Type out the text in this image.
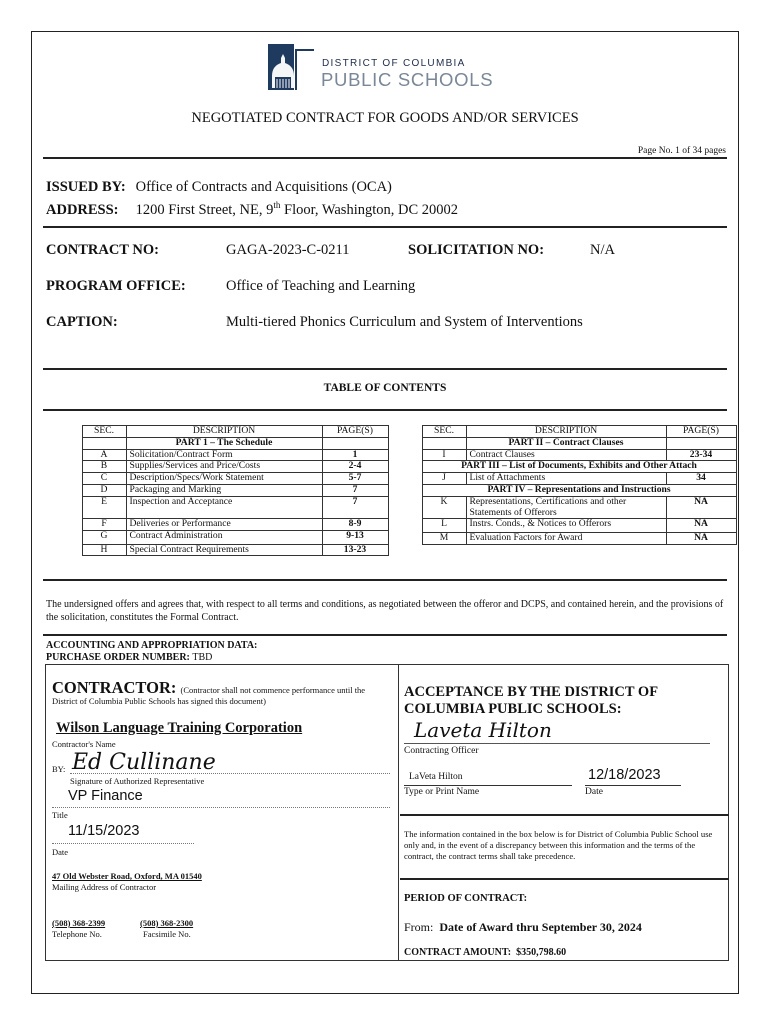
DISTRICT OF COLUMBIA
PUBLIC SCHOOLS
NEGOTIATED CONTRACT FOR GOODS AND/OR SERVICES
Page No. 1 of 34 pages
ISSUED BY: Office of Contracts and Acquisitions (OCA)
ADDRESS: 1200 First Street, NE, 9th Floor, Washington, DC 20002
CONTRACT NO:	GAGA-2023-C-0211	SOLICITATION NO:	N/A
PROGRAM OFFICE:	Office of Teaching and Learning
CAPTION:	Multi-tiered Phonics Curriculum and System of Interventions
TABLE OF CONTENTS
	SEC.	DESCRIPTION	PAGE(S)
		PART 1 – The Schedule	
	A	Solicitation/Contract Form	1
	B	Supplies/Services and Price/Costs	2-4
	C	Description/Specs/Work Statement	5-7
	D	Packaging and Marking	7
	E	Inspection and Acceptance	7
	F	Deliveries or Performance	8-9
	G	Contract Administration	9-13
	H	Special Contract Requirements	13-23
	SEC.	DESCRIPTION	PAGE(S)
		PART II – Contract Clauses	
	I	Contract Clauses	23-34
	PART III – List of Documents, Exhibits and Other Attach		
	J	List of Attachments	34
	PART IV – Representations and Instructions		
	K	Representations, Certifications and other
Statements of Offerors	NA
	L	Instrs. Conds., & Notices to Offerors	NA
	M	Evaluation Factors for Award	NA
The undersigned offers and agrees that, with respect to all terms and conditions, as negotiated between the offeror and DCPS, and contained herein, and the provisions of the solicitation, constitutes the Formal Contract.
ACCOUNTING AND APPROPRIATION DATA:
PURCHASE ORDER NUMBER: TBD
CONTRACTOR: (Contractor shall not commence performance until the
District of Columbia Public Schools has signed this document)
Wilson Language Training Corporation
Contractor's Name
BY: Ed Cullinane
Signature of Authorized Representative
VP Finance
Title
11/15/2023
Date
47 Old Webster Road, Oxford, MA 01540
Mailing Address of Contractor
(508) 368-2399
Telephone No.
(508) 368-2300
Facsimile No.
ACCEPTANCE BY THE DISTRICT OF
COLUMBIA PUBLIC SCHOOLS:
Laveta Hilton
Contracting Officer
LaVeta Hilton
Type or Print Name
12/18/2023
Date
The information contained in the box below is for District of Columbia Public School use only and, in the event of a discrepancy between this information and the terms of the contract, the contract terms shall take precedence.
PERIOD OF CONTRACT:
From: Date of Award thru September 30, 2024
CONTRACT AMOUNT: $350,798.60
